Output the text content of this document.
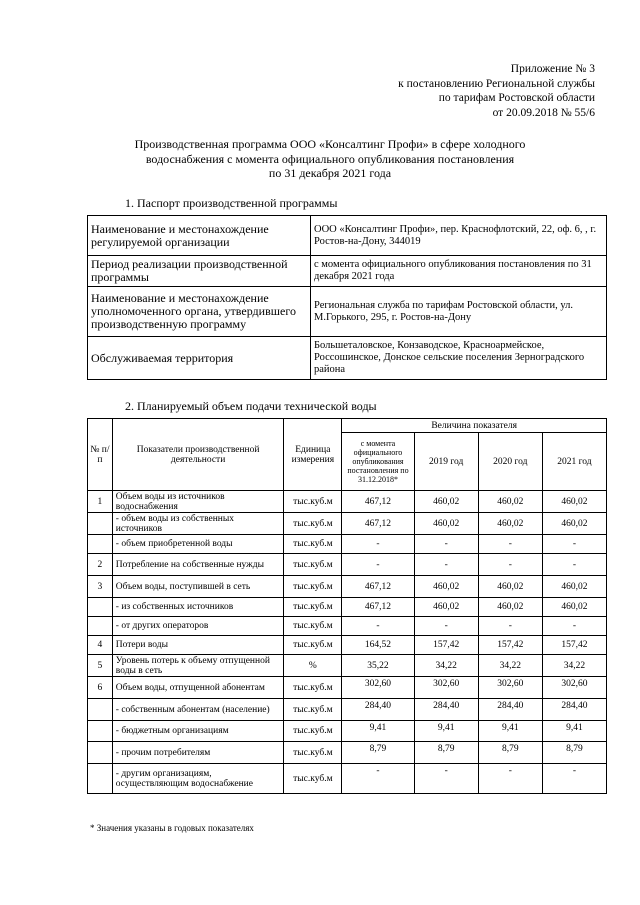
Приложение № 3
к постановлению Региональной службы
по тарифам Ростовской области
от 20.09.2018 № 55/6
Производственная программа ООО «Консалтинг Профи» в сфере холодного
водоснабжения с момента официального опубликования постановления
по 31 декабря 2021 года
1. Паспорт производственной программы
Наименование и местонахождение регулируемой организации	ООО «Консалтинг Профи», пер. Краснофлотский, 22, оф. 6, , г. Ростов-на-Дону, 344019
Период реализации производственной программы	с момента официального опубликования постановления по 31 декабря 2021 года
Наименование и местонахождение уполномоченного органа, утвердившего производственную программу	Региональная служба по тарифам Ростовской области, ул. М.Горького, 295, г. Ростов-на-Дону
Обслуживаемая территория	Большеталовское, Конзаводское, Красноармейское, Россошинское, Донское сельские поселения Зерноградского района
2. Планируемый объем подачи технической воды
№ п/п	Показатели производственной деятельности	Единица измерения	Величина показателя			
			с момента официального опубликования постановления по 31.12.2018*	2019 год	2020 год	2021 год
1	Объем воды из источников водоснабжения	тыс.куб.м	467,12	460,02	460,02	460,02
	- объем воды из собственных источников	тыс.куб.м	467,12	460,02	460,02	460,02
	- объем приобретенной воды	тыс.куб.м	-	-	-	-
2	Потребление на собственные нужды	тыс.куб.м	-	-	-	-
3	Объем воды, поступившей в сеть	тыс.куб.м	467,12	460,02	460,02	460,02
	- из собственных источников	тыс.куб.м	467,12	460,02	460,02	460,02
	- от других операторов	тыс.куб.м	-	-	-	-
4	Потери воды	тыс.куб.м	164,52	157,42	157,42	157,42
5	Уровень потерь к объему отпущенной воды в сеть	%	35,22	34,22	34,22	34,22
6	Объем воды, отпущенной абонентам	тыс.куб.м	302,60	302,60	302,60	302,60
	- собственным абонентам (население)	тыс.куб.м	284,40	284,40	284,40	284,40
	- бюджетным организациям	тыс.куб.м	9,41	9,41	9,41	9,41
	- прочим потребителям	тыс.куб.м	8,79	8,79	8,79	8,79
	- другим организациям, осуществляющим водоснабжение	тыс.куб.м	-	-	-	-
* Значения указаны в годовых показателях
